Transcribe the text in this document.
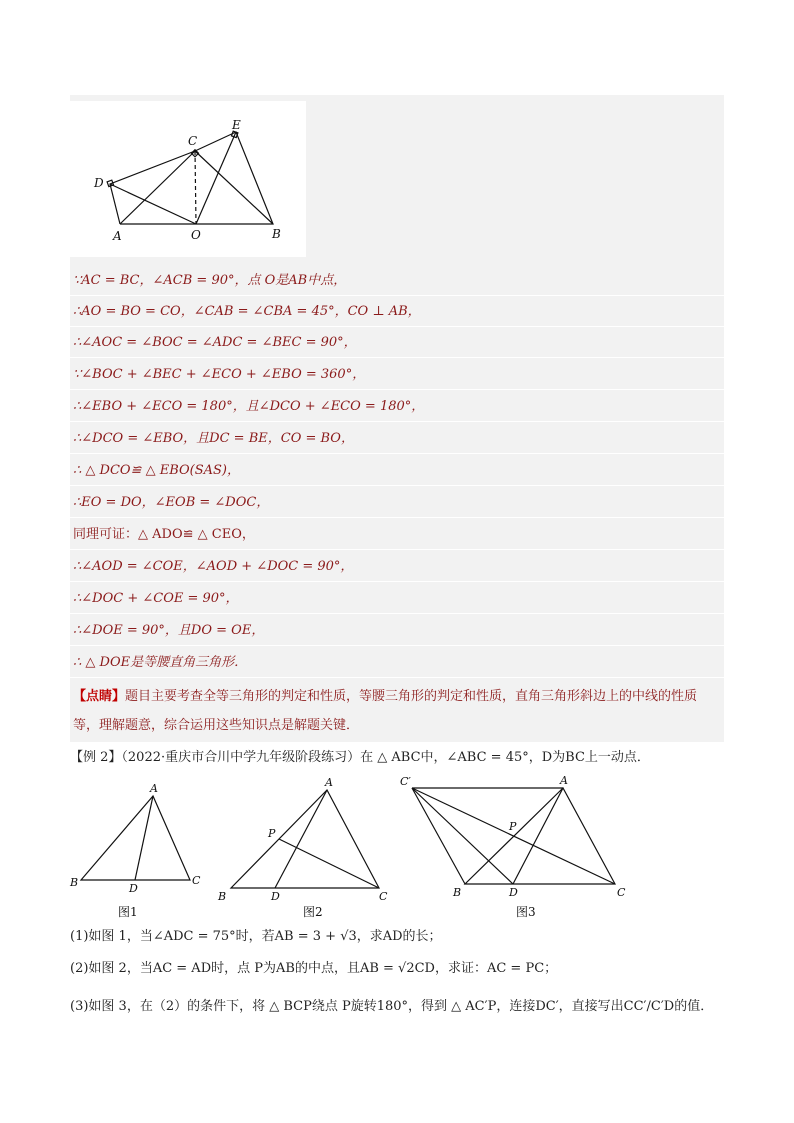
C
E
D
A	O	B
∵AC = BC，∠ACB = 90°，点 O是AB中点，
∴AO = BO = CO，∠CAB = ∠CBA = 45°，CO ⊥ AB，
∴∠AOC = ∠BOC = ∠ADC = ∠BEC = 90°，
∵∠BOC + ∠BEC + ∠ECO + ∠EBO = 360°，
∴∠EBO + ∠ECO = 180°，且∠DCO + ∠ECO = 180°，
∴∠DCO = ∠EBO，且DC = BE，CO = BO，
∴ △ DCO≌ △ EBO(SAS)，
∴EO = DO，∠EOB = ∠DOC，
同理可证：△ ADO≌ △ CEO，
∴∠AOD = ∠COE，∠AOD + ∠DOC = 90°，
∴∠DOC + ∠COE = 90°，
∴∠DOE = 90°，且DO = OE，
∴ △ DOE是等腰直角三角形．
【点睛】题目主要考查全等三角形的判定和性质，等腰三角形的判定和性质，直角三角形斜边上的中线的性质等，理解题意，综合运用这些知识点是解题关键．
【例 2】（2022·重庆市合川中学九年级阶段练习）在 △ ABC中，∠ABC = 45°，D为BC上一动点．
A
B	C
D
图1
A
P
B	D	C
图2
C′	A
P
B	D	C
图3
(1)如图 1，当∠ADC = 75°时，若AB = 3 + √3，求AD的长；
(2)如图 2，当AC = AD时，点 P为AB的中点，且AB = √2CD，求证：AC = PC；
(3)如图 3，在（2）的条件下，将 △ BCP绕点 P旋转180°，得到 △ AC′P，连接DC′，直接写出CC′/C′D的值．
